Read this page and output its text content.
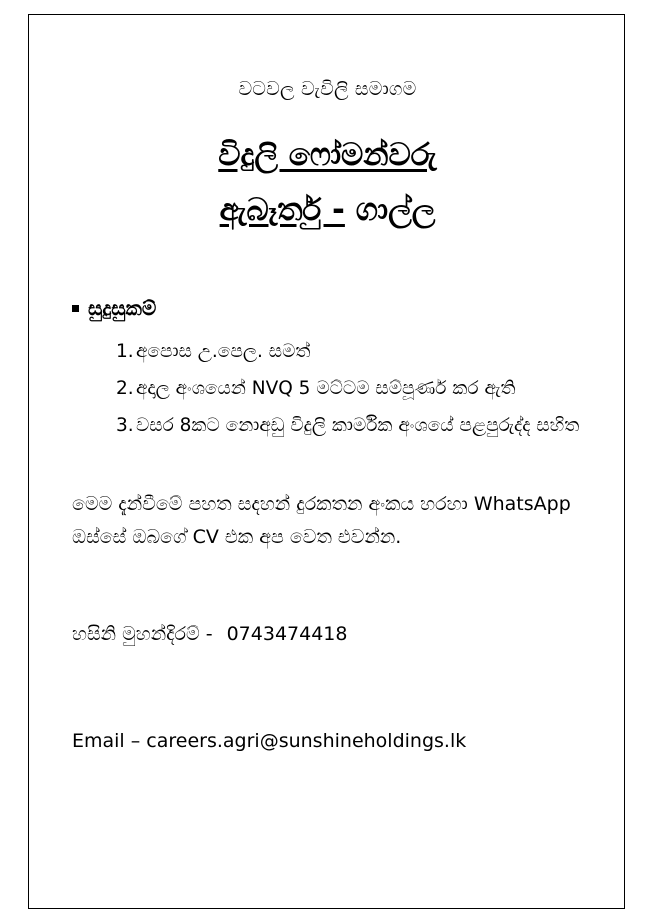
වටවල වැවිලි සමාගම
විදුලි ෆෝමන්වරු
ඇබෑර්තු - ගාල්ල
සුදුසුකම්
1. අපොස උ.පෙල. සමත්
2. අදාල අංශයෙන් NVQ 5 මට්ටම සම්පූර්ණ කර ඇති
3. වසර 8කට නොඅඩු විදුලි කාර්මික අංශයේ පළපුරුද්ද සහිත
මෙම දැන්වීමේ පහත සදහන් දුරකතන අංකය හරහා WhatsApp ඔස්සේ ඔබගේ CV එක අප වෙත එවන්න.
හසිනි මුහන්දිරම් - 0743474418
Email – careers.agri@sunshineholdings.lk
